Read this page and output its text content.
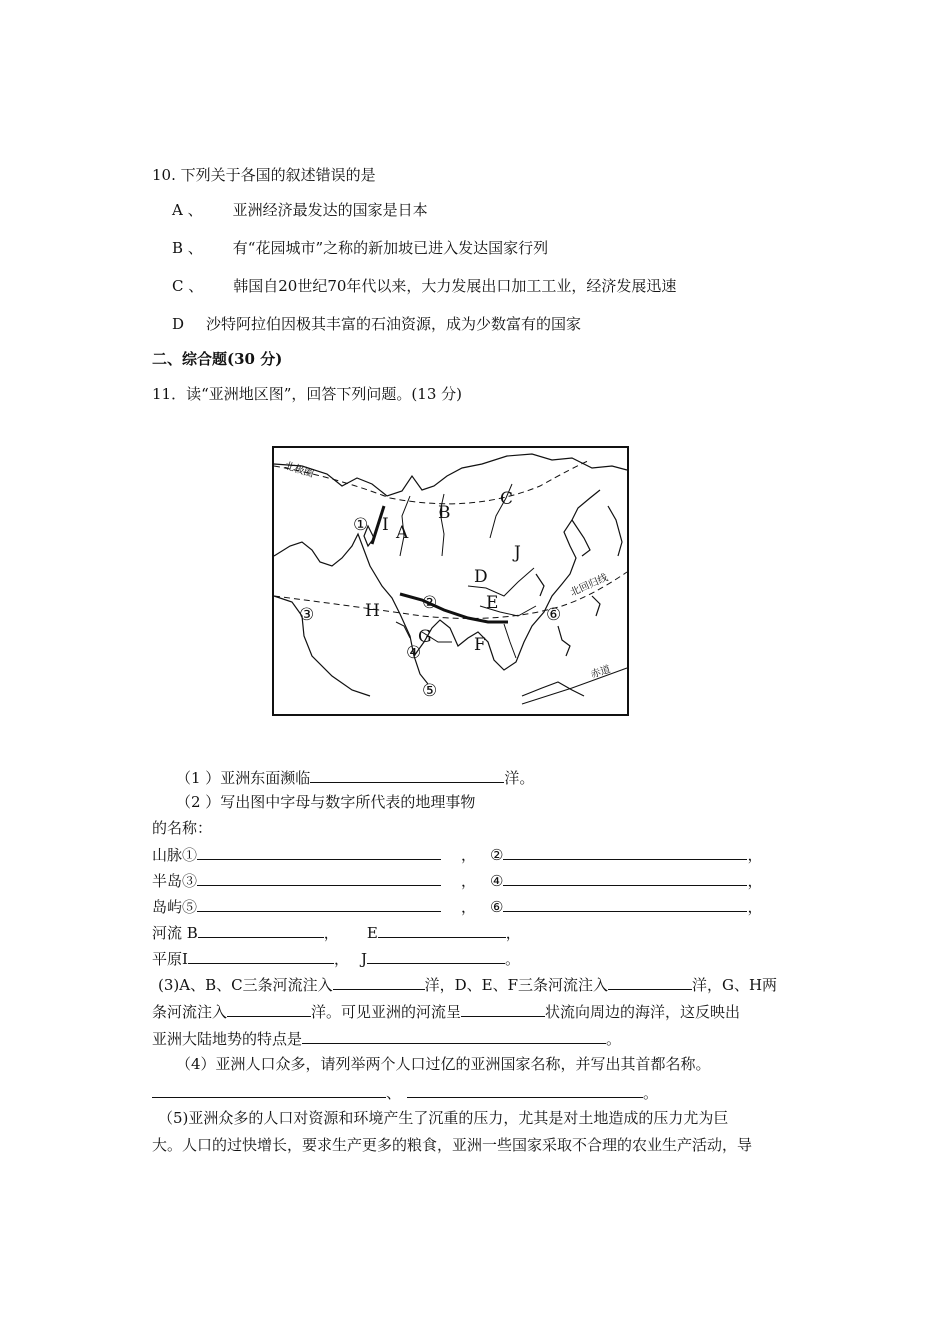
10. 下列关于各国的叙述错误的是
A 、 亚洲经济最发达的国家是日本
B 、 有“花园城市”之称的新加坡已进入发达国家行列
C 、 韩国自20世纪70年代以来，大力发展出口加工工业，经济发展迅速
D 沙特阿拉伯因极其丰富的石油资源，成为少数富有的国家
二、综合题(30 分)
11．读“亚洲地区图”，回答下列问题。(13 分)
北极圈
北回归线
赤道
① I A
B
C
J
D
②	E
⑥
③	H
G F
④
⑤
（1 ）亚洲东面濒临	洋。
（2 ）写出图中字母与数字所代表的地理事物
的名称：
山脉①	， ②	，
半岛③	， ④	，
岛屿⑤	， ⑥	，
河流 B	， E	，
平原I	， J	。
(3)A、B、C三条河流注入	洋，D、E、F三条河流注入	洋，G、H两
条河流注入	洋。可见亚洲的河流呈	状流向周边的海洋，这反映出
亚洲大陆地势的特点是	。
（4）亚洲人口众多，请列举两个人口过亿的亚洲国家名称，并写出其首都名称。
、	。
（5)亚洲众多的人口对资源和环境产生了沉重的压力，尤其是对土地造成的压力尤为巨
大。人口的过快增长，要求生产更多的粮食，亚洲一些国家采取不合理的农业生产活动，导
